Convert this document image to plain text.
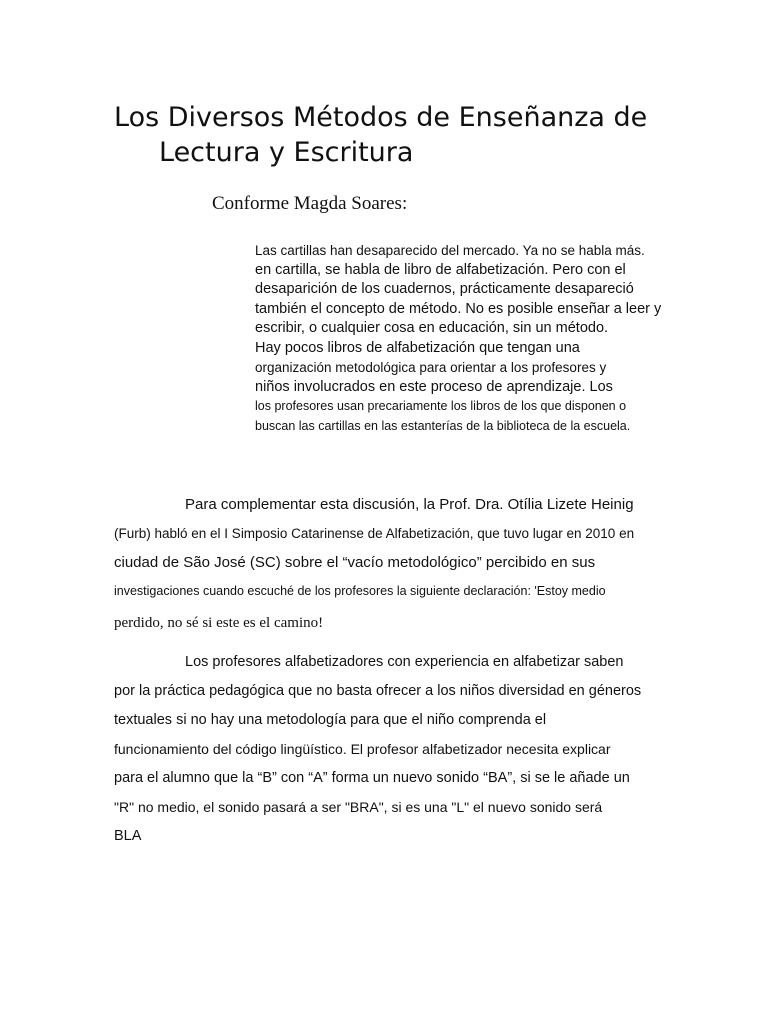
Los Diversos Métodos de Enseñanza de
Lectura y Escritura
Conforme Magda Soares:
Las cartillas han desaparecido del mercado. Ya no se habla más.
en cartilla, se habla de libro de alfabetización. Pero con el
desaparición de los cuadernos, prácticamente desapareció
también el concepto de método. No es posible enseñar a leer y
escribir, o cualquier cosa en educación, sin un método.
Hay pocos libros de alfabetización que tengan una
organización metodológica para orientar a los profesores y
niños involucrados en este proceso de aprendizaje. Los
los profesores usan precariamente los libros de los que disponen o
buscan las cartillas en las estanterías de la biblioteca de la escuela.
Para complementar esta discusión, la Prof. Dra. Otília Lizete Heinig
(Furb) habló en el I Simposio Catarinense de Alfabetización, que tuvo lugar en 2010 en
ciudad de São José (SC) sobre el “vacío metodológico” percibido en sus
investigaciones cuando escuché de los profesores la siguiente declaración: 'Estoy medio
perdido, no sé si este es el camino!
Los profesores alfabetizadores con experiencia en alfabetizar saben
por la práctica pedagógica que no basta ofrecer a los niños diversidad en géneros
textuales si no hay una metodología para que el niño comprenda el
funcionamiento del código lingüístico. El profesor alfabetizador necesita explicar
para el alumno que la “B” con “A” forma un nuevo sonido “BA”, si se le añade un
"R" no medio, el sonido pasará a ser "BRA", si es una "L" el nuevo sonido será
BLA
